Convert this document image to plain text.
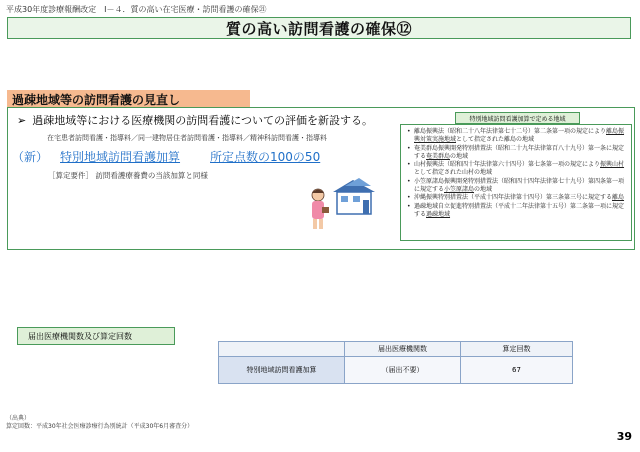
平成30年度診療報酬改定　Ⅰ－４．質の高い在宅医療・訪問看護の確保㉑
質の高い訪問看護の確保⑫
過疎地域等の訪問看護の見直し
➢ 過疎地域等における医療機関の訪問看護についての評価を新設する。
在宅患者訪問看護・指導料／同一建物居住者訪問看護・指導料／精神科訪問看護・指導料
（新） 特別地域訪問看護加算	所定点数の100の50
［算定要件］ 訪問看護療養費の当該加算と同様
特別地域訪問看護加算で定める地域
• 離島振興法（昭和二十八年法律第七十二号）第二条第一項の規定により離島振興対策実施地域として指定された離島の地域
• 奄美群島振興開発特別措置法（昭和二十九年法律第百八十九号）第一条に規定する奄美群島の地域
• 山村振興法（昭和四十年法律第六十四号）第七条第一項の規定により振興山村として指定された山村の地域
• 小笠原諸島振興開発特別措置法（昭和四十四年法律第七十九号）第四条第一項に規定する小笠原諸島の地域
• 沖縄振興特別措置法（平成十四年法律第十四号）第三条第三号に規定する離島
• 過疎地域自立促進特別措置法（平成十二年法律第十五号）第二条第一項に規定する過疎地域
届出医療機関数及び算定回数
	届出医療機関数	算定回数
特別地域訪問看護加算	（届出不要）	67
（出典）
算定回数：平成30年社会医療診療行為別統計（平成30年6月審査分）
39
